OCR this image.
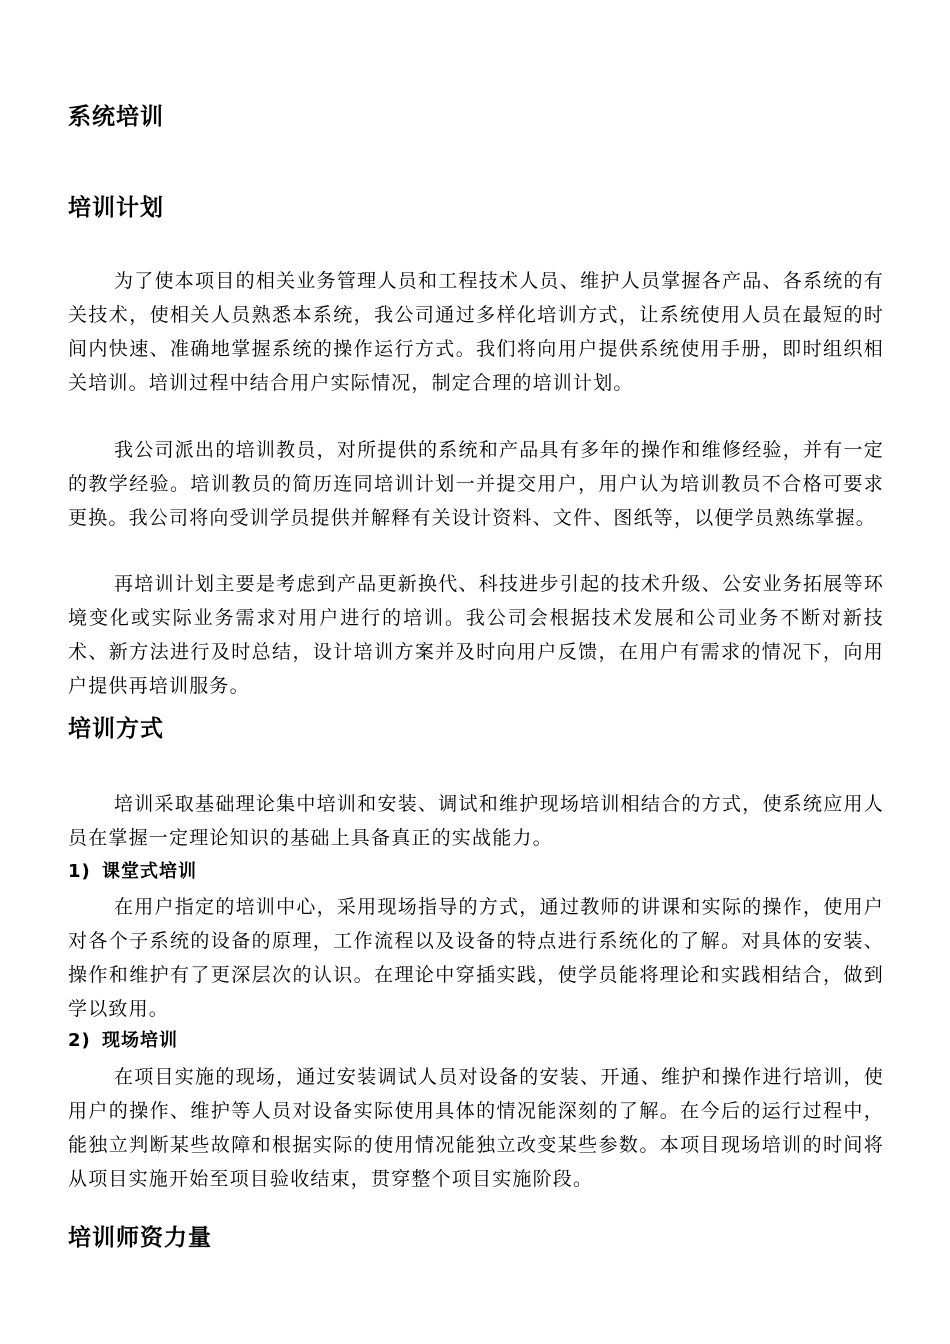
系统培训
培训计划

为了使本项目的相关业务管理人员和工程技术人员、维护人员掌握各产品、各系统的有关技术，使相关人员熟悉本系统，我公司通过多样化培训方式，让系统使用人员在最短的时间内快速、准确地掌握系统的操作运行方式。我们将向用户提供系统使用手册，即时组织相关培训。培训过程中结合用户实际情况，制定合理的培训计划。

我公司派出的培训教员，对所提供的系统和产品具有多年的操作和维修经验，并有一定的教学经验。培训教员的简历连同培训计划一并提交用户，用户认为培训教员不合格可要求更换。我公司将向受训学员提供并解释有关设计资料、文件、图纸等，以便学员熟练掌握。

再培训计划主要是考虑到产品更新换代、科技进步引起的技术升级、公安业务拓展等环境变化或实际业务需求对用户进行的培训。我公司会根据技术发展和公司业务不断对新技术、新方法进行及时总结，设计培训方案并及时向用户反馈，在用户有需求的情况下，向用户提供再培训服务。

培训方式

培训采取基础理论集中培训和安装、调试和维护现场培训相结合的方式，使系统应用人员在掌握一定理论知识的基础上具备真正的实战能力。

1) 课堂式培训

在用户指定的培训中心，采用现场指导的方式，通过教师的讲课和实际的操作，使用户对各个子系统的设备的原理，工作流程以及设备的特点进行系统化的了解。对具体的安装、操作和维护有了更深层次的认识。在理论中穿插实践，使学员能将理论和实践相结合，做到学以致用。

2) 现场培训

在项目实施的现场，通过安装调试人员对设备的安装、开通、维护和操作进行培训，使用户的操作、维护等人员对设备实际使用具体的情况能深刻的了解。在今后的运行过程中，能独立判断某些故障和根据实际的使用情况能独立改变某些参数。本项目现场培训的时间将从项目实施开始至项目验收结束，贯穿整个项目实施阶段。

培训师资力量
